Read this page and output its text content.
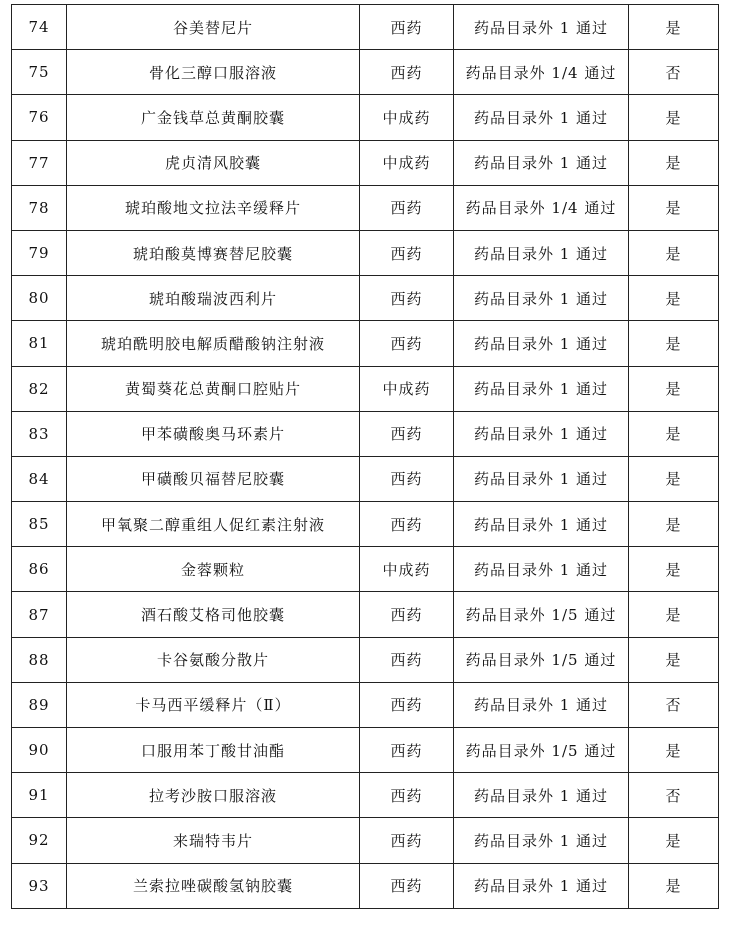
74	谷美替尼片	西药	药品目录外 1 通过	是
75	骨化三醇口服溶液	西药	药品目录外 1/4 通过	否
76	广金钱草总黄酮胶囊	中成药	药品目录外 1 通过	是
77	虎贞清风胶囊	中成药	药品目录外 1 通过	是
78	琥珀酸地文拉法辛缓释片	西药	药品目录外 1/4 通过	是
79	琥珀酸莫博赛替尼胶囊	西药	药品目录外 1 通过	是
80	琥珀酸瑞波西利片	西药	药品目录外 1 通过	是
81	琥珀酰明胶电解质醋酸钠注射液	西药	药品目录外 1 通过	是
82	黄蜀葵花总黄酮口腔贴片	中成药	药品目录外 1 通过	是
83	甲苯磺酸奥马环素片	西药	药品目录外 1 通过	是
84	甲磺酸贝福替尼胶囊	西药	药品目录外 1 通过	是
85	甲氧聚二醇重组人促红素注射液	西药	药品目录外 1 通过	是
86	金蓉颗粒	中成药	药品目录外 1 通过	是
87	酒石酸艾格司他胶囊	西药	药品目录外 1/5 通过	是
88	卡谷氨酸分散片	西药	药品目录外 1/5 通过	是
89	卡马西平缓释片（Ⅱ）	西药	药品目录外 1 通过	否
90	口服用苯丁酸甘油酯	西药	药品目录外 1/5 通过	是
91	拉考沙胺口服溶液	西药	药品目录外 1 通过	否
92	来瑞特韦片	西药	药品目录外 1 通过	是
93	兰索拉唑碳酸氢钠胶囊	西药	药品目录外 1 通过	是
